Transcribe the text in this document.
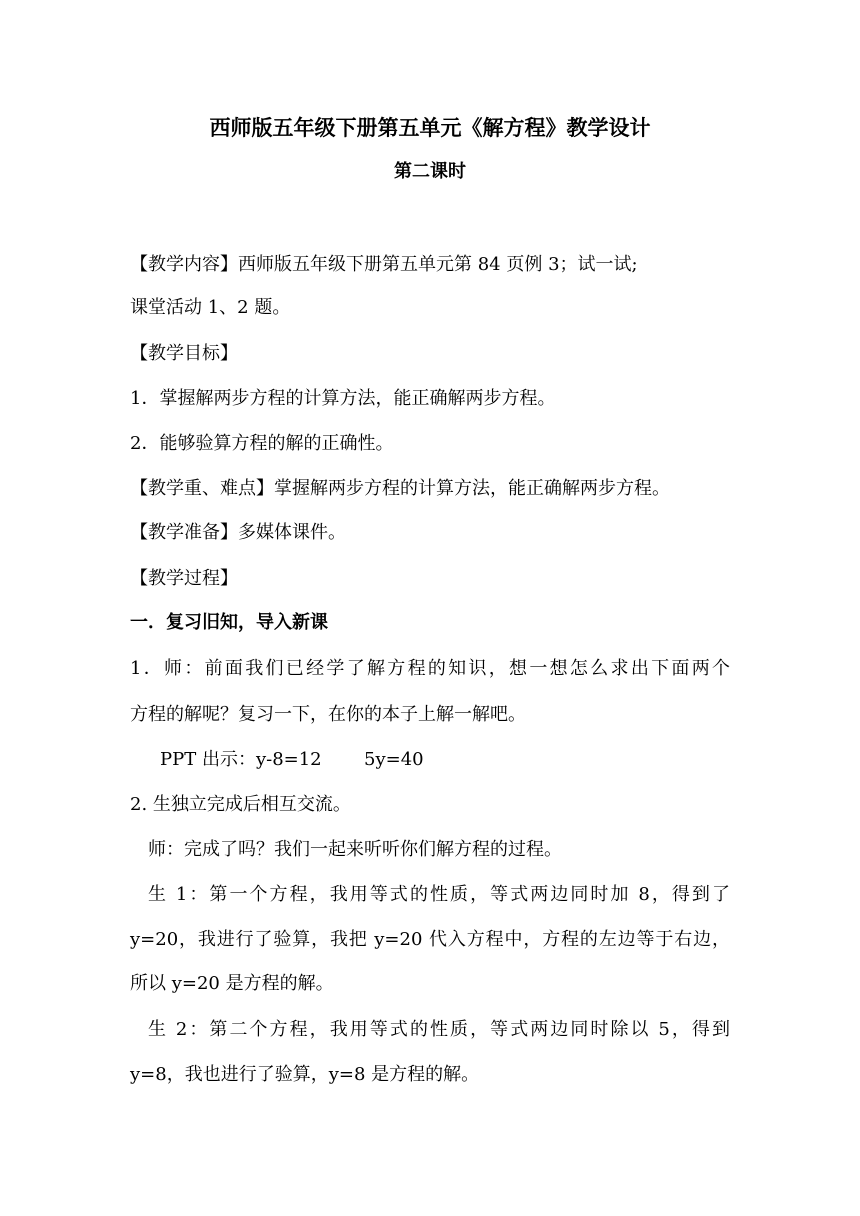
西师版五年级下册第五单元《解方程》教学设计
第二课时
【教学内容】西师版五年级下册第五单元第 84 页例 3；试一试;
课堂活动 1、2 题。
【教学目标】
1．掌握解两步方程的计算方法，能正确解两步方程。
2．能够验算方程的解的正确性。
【教学重、难点】掌握解两步方程的计算方法，能正确解两步方程。
【教学准备】多媒体课件。
【教学过程】
一．复习旧知，导入新课
1．师：前面我们已经学了解方程的知识，想一想怎么求出下面两个
方程的解呢？复习一下，在你的本子上解一解吧。
PPT 出示：y-8=12 5y=40
2. 生独立完成后相互交流。
师：完成了吗？我们一起来听听你们解方程的过程。
生 1：第一个方程，我用等式的性质，等式两边同时加 8，得到了
y=20，我进行了验算，我把 y=20 代入方程中，方程的左边等于右边，
所以 y=20 是方程的解。
生 2：第二个方程，我用等式的性质，等式两边同时除以 5，得到
y=8，我也进行了验算，y=8 是方程的解。
